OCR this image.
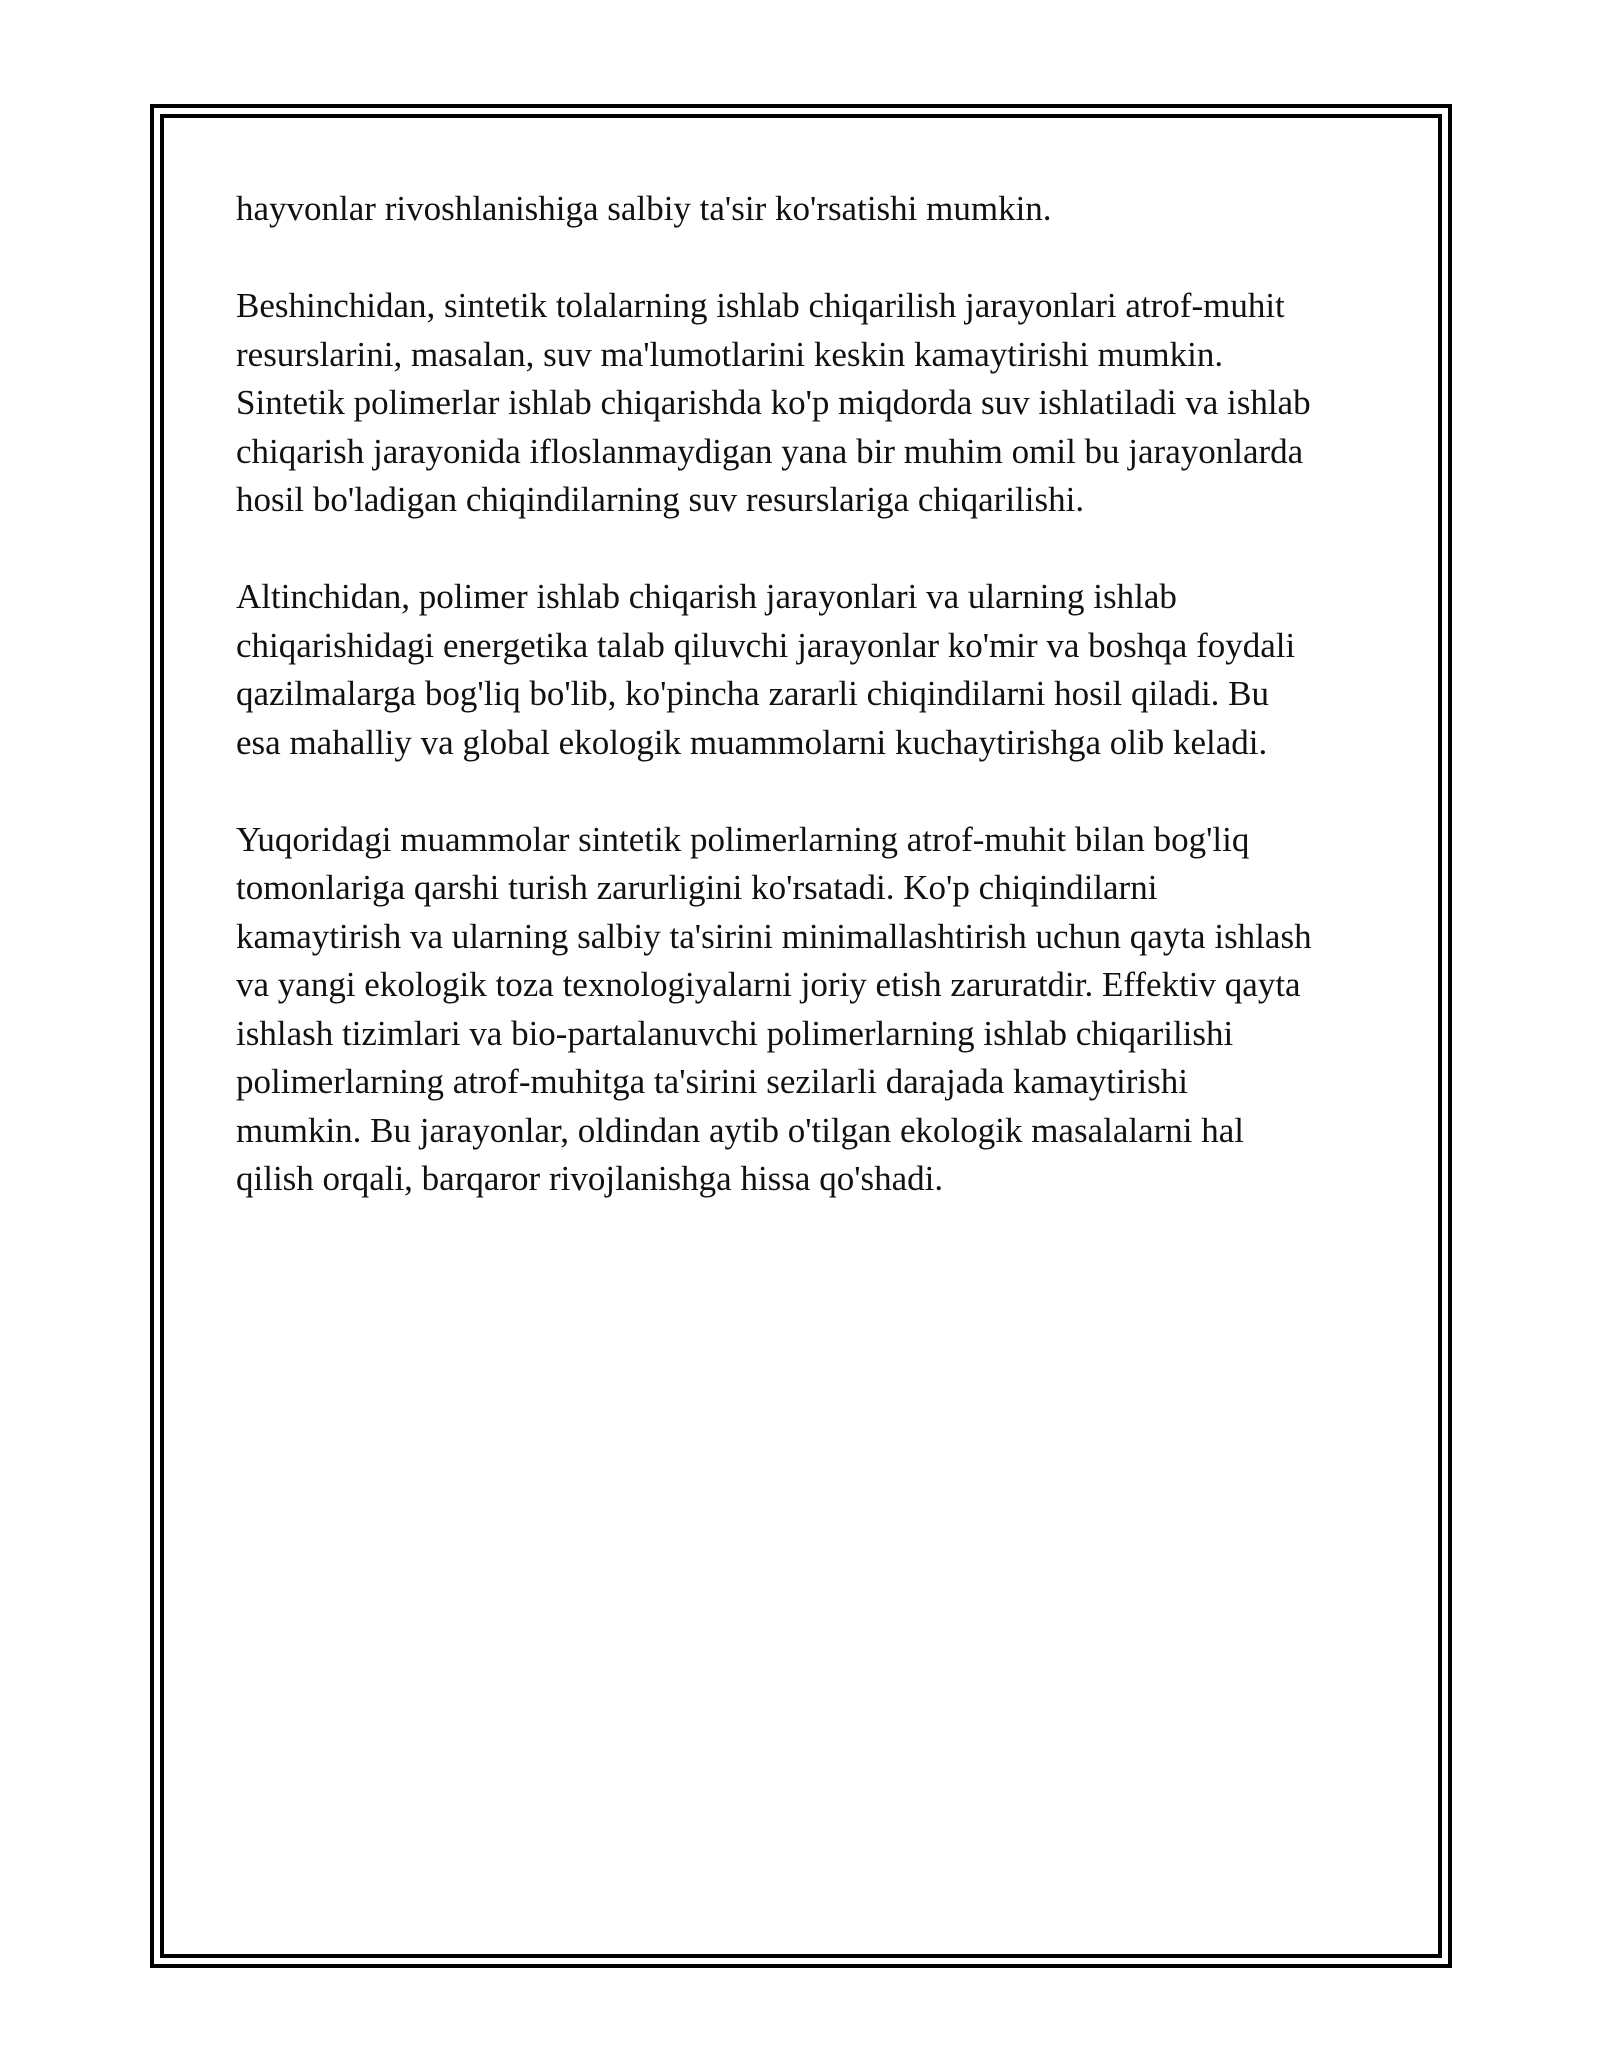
hayvonlar rivoshlanishiga salbiy ta'sir ko'rsatishi mumkin.

Beshinchidan, sintetik tolalarning ishlab chiqarilish jarayonlari atrof-muhit
resurslarini, masalan, suv ma'lumotlarini keskin kamaytirishi mumkin.
Sintetik polimerlar ishlab chiqarishda ko'p miqdorda suv ishlatiladi va ishlab
chiqarish jarayonida ifloslanmaydigan yana bir muhim omil bu jarayonlarda
hosil bo'ladigan chiqindilarning suv resurslariga chiqarilishi.

Altinchidan, polimer ishlab chiqarish jarayonlari va ularning ishlab
chiqarishidagi energetika talab qiluvchi jarayonlar ko'mir va boshqa foydali
qazilmalarga bog'liq bo'lib, ko'pincha zararli chiqindilarni hosil qiladi. Bu
esa mahalliy va global ekologik muammolarni kuchaytirishga olib keladi.

Yuqoridagi muammolar sintetik polimerlarning atrof-muhit bilan bog'liq
tomonlariga qarshi turish zarurligini ko'rsatadi. Ko'p chiqindilarni
kamaytirish va ularning salbiy ta'sirini minimallashtirish uchun qayta ishlash
va yangi ekologik toza texnologiyalarni joriy etish zaruratdir. Effektiv qayta
ishlash tizimlari va bio-partalanuvchi polimerlarning ishlab chiqarilishi
polimerlarning atrof-muhitga ta'sirini sezilarli darajada kamaytirishi
mumkin. Bu jarayonlar, oldindan aytib o'tilgan ekologik masalalarni hal
qilish orqali, barqaror rivojlanishga hissa qo'shadi.
